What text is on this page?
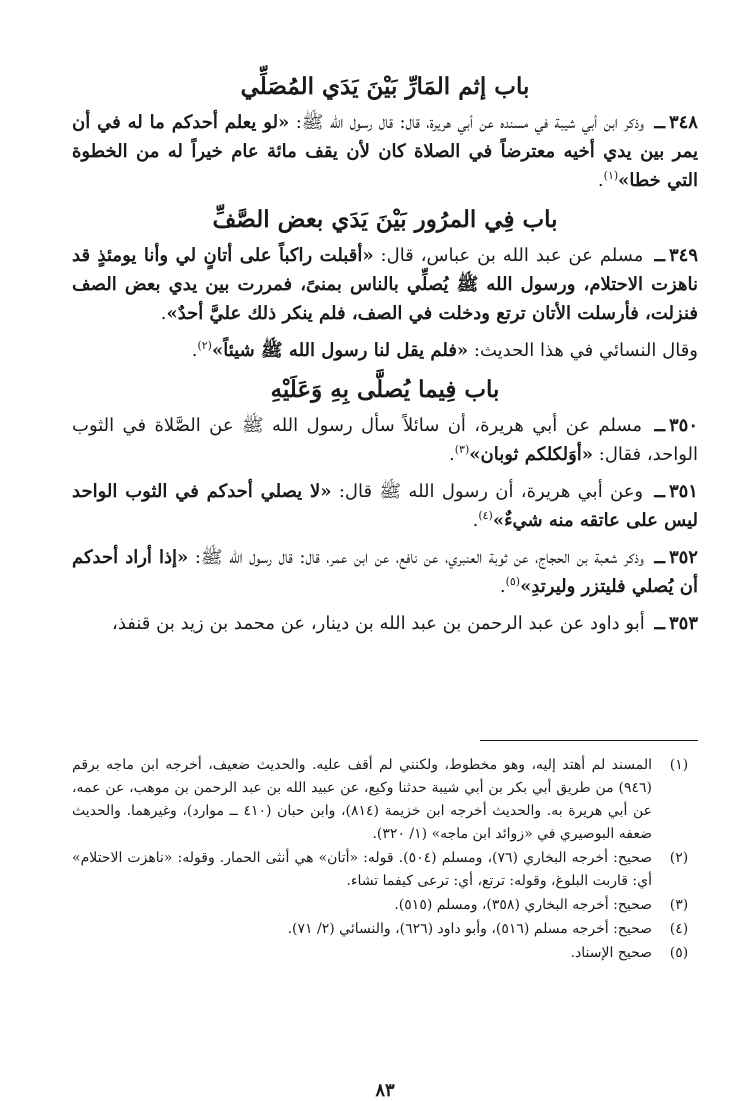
باب إثم المَارِّ بَيْنَ يَدَي المُصَلِّي

٣٤٨ــ وذكر ابن أبي شيبة في مسنده عن أبي هريرة، قال: قال رسول الله ﷺ: «لو يعلم أحدكم ما له في أن يمر بين يدي أخيه معترضاً في الصلاة كان لأن يقف مائة عام خيراً له من الخطوة التي خطا»$^{(١)}$.

باب فِي المرُور بَيْنَ يَدَي بعض الصَّفِّ

٣٤٩ــ مسلم عن عبد الله بن عباس، قال: «أقبلت راكباً على أتانٍ لي وأنا يومئذٍ قد ناهزت الاحتلام، ورسول الله ﷺ يُصلِّي بالناس بمنىً، فمررت بين يدي بعض الصف فنزلت، فأرسلت الأتان ترتع ودخلت في الصف، فلم ينكر ذلك عليَّ أحدٌ».

وقال النسائي في هذا الحديث: «فلم يقل لنا رسول الله ﷺ شيئاً»$^{(٢)}$.

باب فِيما يُصلَّى بِهِ وَعَلَيْهِ

٣٥٠ــ مسلم عن أبي هريرة، أن سائلاً سأل رسول الله ﷺ عن الصَّلاة في الثوب الواحد، فقال: «أوَلكلكم ثوبان»$^{(٣)}$.

٣٥١ــ وعن أبي هريرة، أن رسول الله ﷺ قال: «لا يصلي أحدكم في الثوب الواحد ليس على عاتقه منه شيءٌ»$^{(٤)}$.

٣٥٢ــ وذكر شعبة بن الحجاج، عن ثوبة العنبري، عن نافع، عن ابن عمر، قال: قال رسول الله ﷺ: «إذا أراد أحدكم أن يُصلي فليتزر وليرتدِ»$^{(٥)}$.

٣٥٣ــ أبو داود عن عبد الرحمن بن عبد الله بن دينار، عن محمد بن زيد بن قنفذ،

(١)
المسند لم أهتد إليه، وهو مخطوط، ولكنني لم أقف عليه. والحديث ضعيف، أخرجه ابن ماجه برقم (٩٤٦) من طريق أبي بكر بن أبي شيبة حدثنا وكيع، عن عبيد الله بن عبد الرحمن بن موهب، عن عمه، عن أبي هريرة به. والحديث أخرجه ابن خزيمة (٨١٤)، وابن حبان (٤١٠ ــ موارد)، وغيرهما. والحديث ضعفه البوصيري في «زوائد ابن ماجه» (١/ ٣٢٠).
(٢)
صحيح: أخرجه البخاري (٧٦)، ومسلم (٥٠٤). قوله: «أتان» هي أنثى الحمار. وقوله: «ناهزت الاحتلام» أي: قاربت البلوغ، وقوله: ترتع، أي: ترعى كيفما تشاء.
(٣)
صحيح: أخرجه البخاري (٣٥٨)، ومسلم (٥١٥).
(٤)
صحيح: أخرجه مسلم (٥١٦)، وأبو داود (٦٢٦)، والنسائي (٢/ ٧١).
(٥)
صحيح الإسناد.
٨٣
